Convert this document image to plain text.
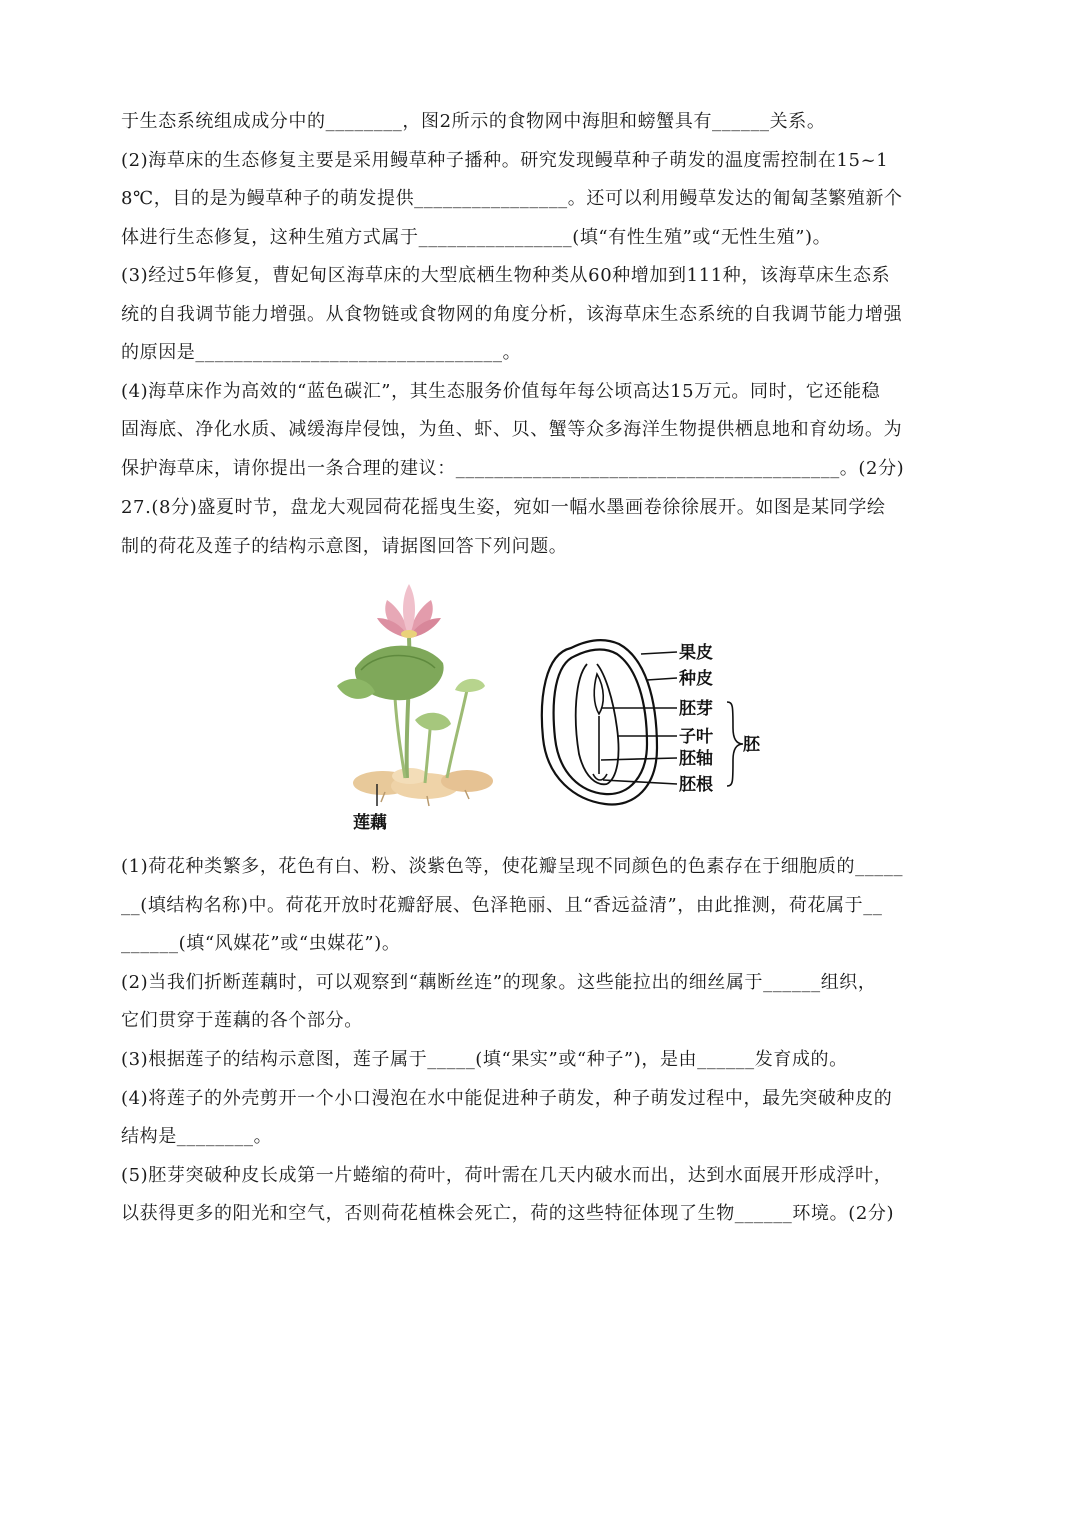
于生态系统组成成分中的________，图2所示的食物网中海胆和螃蟹具有______关系。
(2)海草床的生态修复主要是采用鳗草种子播种。研究发现鳗草种子萌发的温度需控制在15~1
8℃，目的是为鳗草种子的萌发提供________________。还可以利用鳗草发达的匍匐茎繁殖新个
体进行生态修复，这种生殖方式属于________________(填“有性生殖”或“无性生殖”)。
(3)经过5年修复，曹妃甸区海草床的大型底栖生物种类从60种增加到111种，该海草床生态系
统的自我调节能力增强。从食物链或食物网的角度分析，该海草床生态系统的自我调节能力增强
的原因是________________________________。
(4)海草床作为高效的“蓝色碳汇”，其生态服务价值每年每公顷高达15万元。同时，它还能稳
固海底、净化水质、减缓海岸侵蚀，为鱼、虾、贝、蟹等众多海洋生物提供栖息地和育幼场。为
保护海草床，请你提出一条合理的建议：________________________________________。(2分)
27.(8分)盛夏时节，盘龙大观园荷花摇曳生姿，宛如一幅水墨画卷徐徐展开。如图是某同学绘
制的荷花及莲子的结构示意图，请据图回答下列问题。
莲藕
果皮
种皮
胚芽
子叶
胚轴
胚根
胚
(1)荷花种类繁多，花色有白、粉、淡紫色等，使花瓣呈现不同颜色的色素存在于细胞质的_____
__(填结构名称)中。荷花开放时花瓣舒展、色泽艳丽、且“香远益清”，由此推测，荷花属于__
______(填“风媒花”或“虫媒花”)。
(2)当我们折断莲藕时，可以观察到“藕断丝连”的现象。这些能拉出的细丝属于______组织，
它们贯穿于莲藕的各个部分。
(3)根据莲子的结构示意图，莲子属于_____(填“果实”或“种子”)，是由______发育成的。
(4)将莲子的外壳剪开一个小口漫泡在水中能促进种子萌发，种子萌发过程中，最先突破种皮的
结构是________。
(5)胚芽突破种皮长成第一片蜷缩的荷叶，荷叶需在几天内破水而出，达到水面展开形成浮叶，
以获得更多的阳光和空气，否则荷花植株会死亡，荷的这些特征体现了生物______环境。(2分)
